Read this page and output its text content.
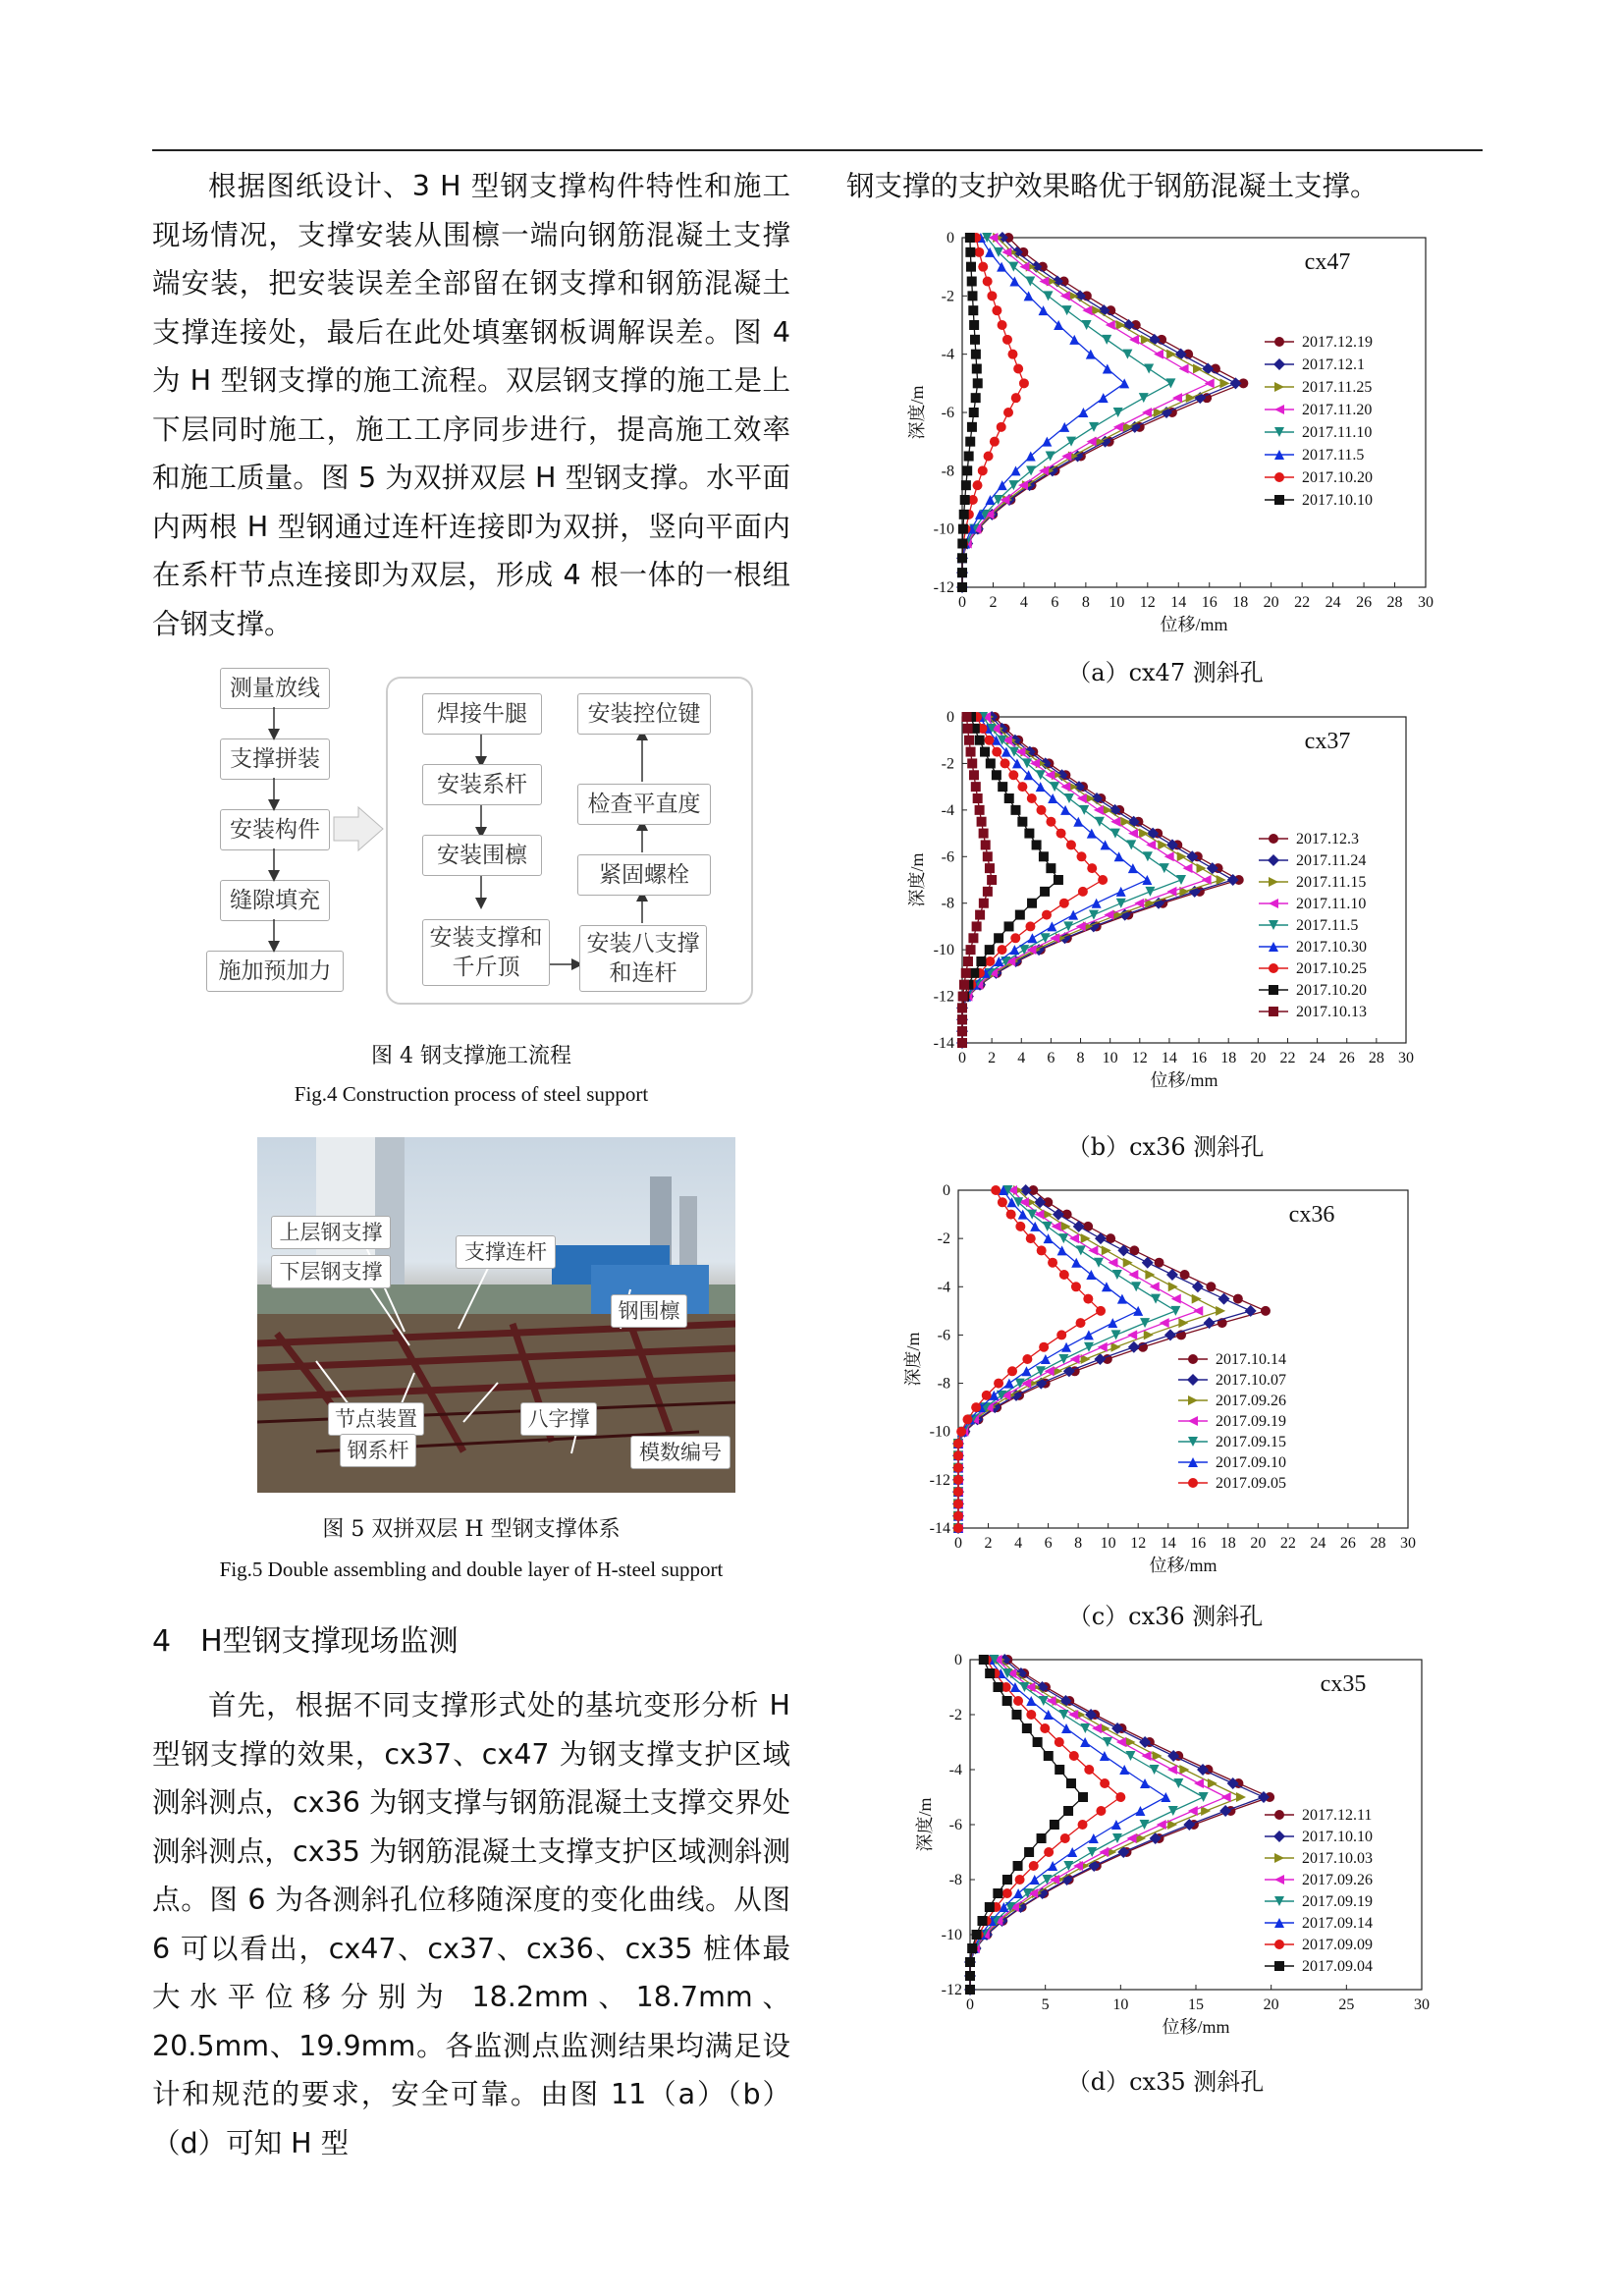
根据图纸设计、3 H 型钢支撑构件特性和施工现场情况，支撑安装从围檩一端向钢筋混凝土支撑端安装，把安装误差全部留在钢支撑和钢筋混凝土支撑连接处，最后在此处填塞钢板调解误差。图 4 为 H 型钢支撑的施工流程。双层钢支撑的施工是上下层同时施工，施工工序同步进行，提高施工效率和施工质量。图 5 为双拼双层 H 型钢支撑。水平面内两根 H 型钢通过连杆连接即为双拼，竖向平面内在系杆节点连接即为双层，形成 4 根一体的一根组合钢支撑。

测量放线
支撑拼装
安装构件
缝隙填充
施加预加力
焊接牛腿
安装系杆
安装围檩
安装支撑和千斤顶
安装控位键
检查平直度
紧固螺栓
安装八支撑和连杆
图 4 钢支撑施工流程
Fig.4 Construction process of steel support
上层钢支撑
下层钢支撑
支撑连杆
钢围檩
节点装置
钢系杆
八字撑
模数编号
图 5 双拼双层 H 型钢支撑体系
Fig.5 Double assembling and double layer of H-steel support
4　H型钢支撑现场监测

首先，根据不同支撑形式处的基坑变形分析 H 型钢支撑的效果，cx37、cx47 为钢支撑支护区域测斜测点，cx36 为钢支撑与钢筋混凝土支撑交界处测斜测点，cx35 为钢筋混凝土支撑支护区域测斜测点。图 6 为各测斜孔位移随深度的变化曲线。从图 6 可以看出，cx47、cx37、cx36、cx35 桩体最大水平位移分别为 18.2mm、18.7mm、20.5mm、19.9mm。各监测点监测结果均满足设计和规范的要求，安全可靠。由图 11（a）（b）（d）可知 H 型

钢支撑的支护效果略优于钢筋混凝土支撑。

0 2 4 6 8 10 12 14 16 18 20 22 24 26 28 30
0
-2
-4
-6
-8
-10
-12
位移/mm
深度/m
cx47
2017.12.19
2017.12.1
2017.11.25
2017.11.20
2017.11.10
2017.11.5
2017.10.20
2017.10.10
（a）cx47 测斜孔
0 2 4 6 8 10 12 14 16 18 20 22 24 26 28 30
0
-2
-4
-6
-8
-10
-12
-14
位移/mm
深度/m
cx37
2017.12.3
2017.11.24
2017.11.15
2017.11.10
2017.11.5
2017.10.30
2017.10.25
2017.10.20
2017.10.13
（b）cx36 测斜孔
0 2 4 6 8 10 12 14 16 18 20 22 24 26 28 30
0
-2
-4
-6
-8
-10
-12
-14
位移/mm
深度/m
cx36
2017.10.14
2017.10.07
2017.09.26
2017.09.19
2017.09.15
2017.09.10
2017.09.05
（c）cx36 测斜孔
0	5	10	15	20	25	30
0
-2
-4
-6
-8
-10
-12
位移/mm
深度/m
cx35
2017.12.11
2017.10.10
2017.10.03
2017.09.26
2017.09.19
2017.09.14
2017.09.09
2017.09.04
（d）cx35 测斜孔
